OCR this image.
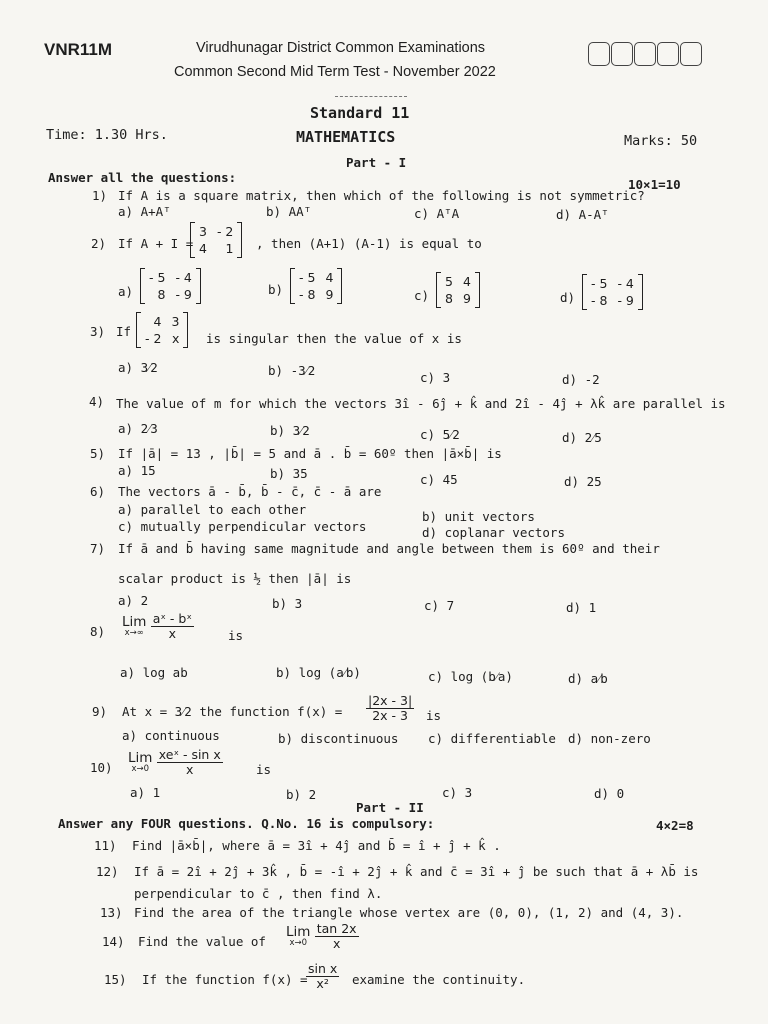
VNR11M	Virudhunagar District Common Examinations
Common Second Mid Term Test - November 2022
Standard 11
Time: 1.30 Hrs.	MATHEMATICS	Marks: 50
Part - I
Answer all the questions:	10×1=10
1) If A is a square matrix, then which of the following is not symmetric?
a) A+Aᵀ	b) AAᵀ	c) AᵀA	d) A-Aᵀ
2) If A + I =
3 - 2
4	1 , then (A+1) (A-1) is equal to
a)
- 5 - 4
8 - 9	b)
- 5 4
- 8 9	c)
5 4
8 9	d)
- 5 - 4
- 8 - 9
3) If
4 3
- 2 x is singular then the value of x is
a) 3⁄2	b) -3⁄2	c) 3	d) -2
4) The value of m for which the vectors 3î - 6ĵ + k̂ and 2î - 4ĵ + λk̂ are parallel is
a) 2⁄3	b) 3⁄2	c) 5⁄2	d) 2⁄5
5) If |ā| = 13 , |b̄| = 5 and ā . b̄ = 60º then |ā×b̄| is
a) 15	b) 35	c) 45	d) 25
6) The vectors ā - b̄, b̄ - c̄, c̄ - ā are
a) parallel to each other	b) unit vectors
c) mutually perpendicular vectors	d) coplanar vectors
7) If ā and b̄ having same magnitude and angle between them is 60º and their
scalar product is ½ then |ā| is
a) 2	b) 3	c) 7	d) 1
8)
Lim
x→∞
$\frac{\text{aˣ - bˣ}}{x}$	is
a) log ab	b) log (a⁄b)	c) log (b⁄a)	d) a⁄b
9) At x = 3⁄2 the function $f(x) = \frac{|2x - 3|}{2x - 3}$ is
a) continuous	b) discontinuous c) differentiable d) non-zero
10)
Lim
x→0
$\frac{\text{xeˣ - sin x}}{x}$	is
a) 1	b) 2	c) 3	d) 0
Part - II
Answer any FOUR questions. Q.No. 16 is compulsory:	4×2=8
11) Find |ā×b̄|, where ā = 3î + 4ĵ and b̄ = î + ĵ + k̂ .
12) If ā = 2î + 2ĵ + 3k̂ , b̄ = -î + 2ĵ + k̂ and c̄ = 3î + ĵ be such that ā + λb̄ is
perpendicular to c̄ , then find λ.
13) Find the area of the triangle whose vertex are (0, 0), (1, 2) and (4, 3).
14) Find the value of
Lim
x→0
$\frac{\tan 2x}{x}$
15) If the function f(x) =
$\frac{\text{sin x}}{\text{x²}}$ examine the continuity.
